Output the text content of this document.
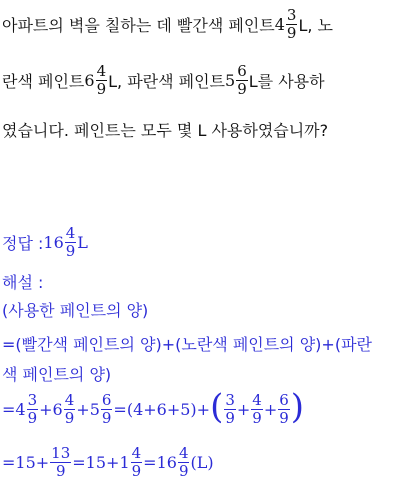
아파트의 벽을 칠하는 데 빨간색 페인트 $4 \frac{3}{9} L$, 노
란색 페인트 $6 \frac{4}{9} L$, 파란색 페인트 $5 \frac{6}{9}$ L를 사용하
였습니다. 페인트는 모두 몇 L 사용하였습니까?
정답 : $16 \frac{4}{9}$ L
해설 :
(사용한 페인트의 양)
=(빨간색 페인트의 양)+(노란색 페인트의 양)+(파란
색 페인트의 양)
= $4 \frac{3}{9} + 6 \frac{4}{9} + 5 \frac{6}{9} = (4+6+5)+$ ( $\frac{3}{9} + \frac{4}{9} + \frac{6}{9}$ )
= $15+ \frac{13}{9} = 15+1 \frac{4}{9} = 16 \frac{4}{9} (L)$
